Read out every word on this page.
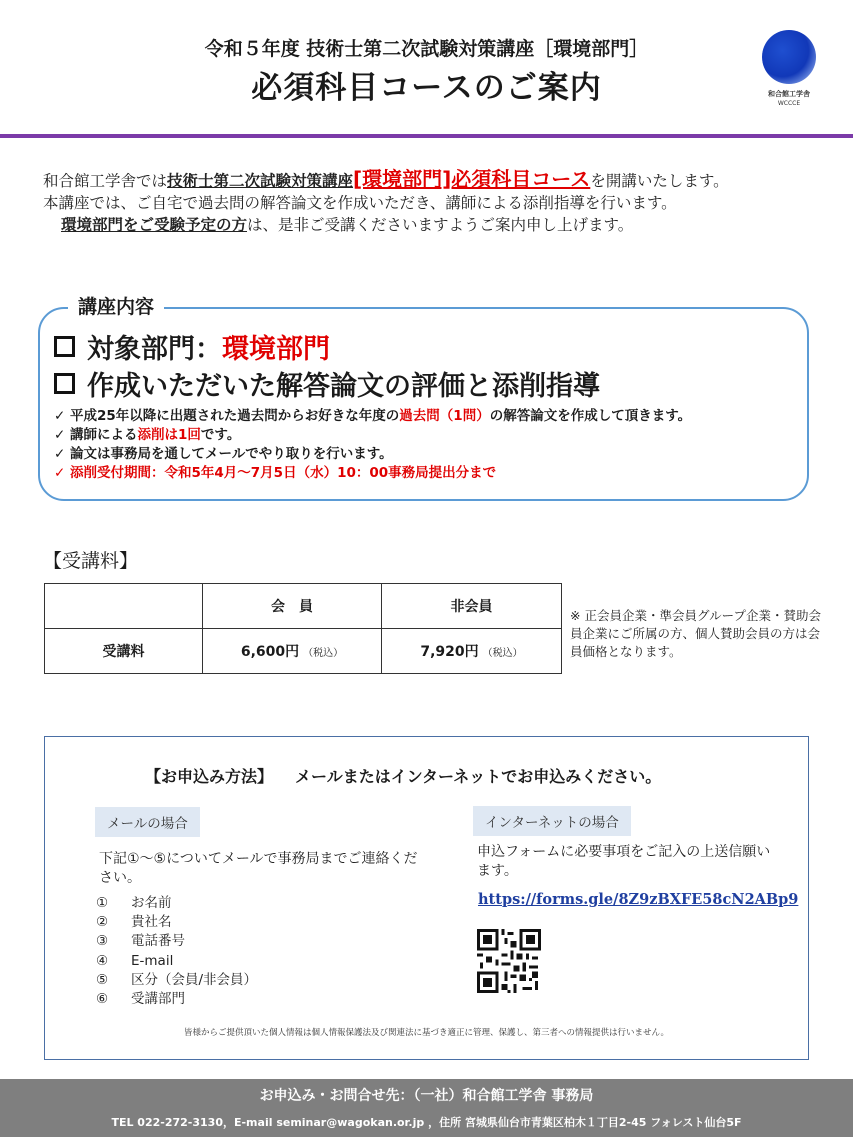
令和５年度 技術士第二次試験対策講座［環境部門］
必須科目コースのご案内	和合館工学舎
WCCCE
和合館工学舎では技術士第二次試験対策講座[環境部門]必須科目コースを開講いたします。
本講座では、ご自宅で過去問の解答論文を作成いただき、講師による添削指導を行います。
環境部門をご受験予定の方は、是非ご受講くださいますようご案内申し上げます。
講座内容
対象部門： 環境部門
作成いただいた解答論文の評価と添削指導
✓ 平成25年以降に出題された過去問からお好きな年度の過去問（1問）の解答論文を作成して頂きます。
✓ 講師による添削は1回です。
✓ 論文は事務局を通してメールでやり取りを行います。
✓ 添削受付期間：令和5年4月～7月5日（水）10：00事務局提出分まで
【受講料】
	会　員	非会員
受講料	6,600円 （税込）	7,920円 （税込）
※ 正会員企業・準会員グループ企業・賛助会員企業にご所属の方、個人賛助会員の方は会員価格となります。
【お申込み方法】 メールまたはインターネットでお申込みください。
メールの場合
下記①～⑤についてメールで事務局までご連絡ください。
① お名前
② 貴社名
③ 電話番号
④ E-mail
⑤ 区分（会員/非会員）
⑥ 受講部門
インターネットの場合
申込フォームに必要事項をご記入の上送信願います。
https://forms.gle/8Z9zBXFE58cN2ABp9
皆様からご提供頂いた個人情報は個人情報保護法及び関連法に基づき適正に管理、保護し、第三者への情報提供は行いません。
お申込み・お問合せ先：（一社）和合館工学舎 事務局
TEL 022-272-3130，E-mail seminar@wagokan.or.jp ，住所 宮城県仙台市青葉区柏木１丁目2-45 フォレスト仙台5F
